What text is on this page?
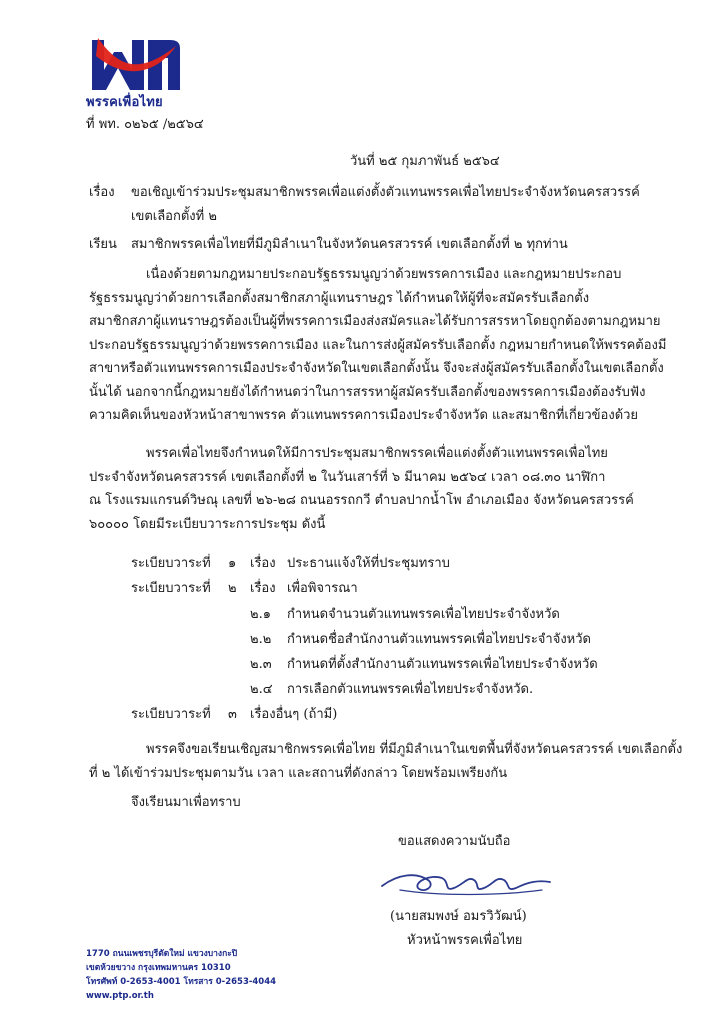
พรรคเพื่อไทย
ที่ พท. ๐๒๖๕ /๒๕๖๔
วันที่ ๒๕ กุมภาพันธ์ ๒๕๖๔
เรื่อง ขอเชิญเข้าร่วมประชุมสมาชิกพรรคเพื่อแต่งตั้งตัวแทนพรรคเพื่อไทยประจำจังหวัดนครสวรรค์
เขตเลือกตั้งที่ ๒
เรียน สมาชิกพรรคเพื่อไทยที่มีภูมิลำเนาในจังหวัดนครสวรรค์ เขตเลือกตั้งที่ ๒ ทุกท่าน
เนื่องด้วยตามกฎหมายประกอบรัฐธรรมนูญว่าด้วยพรรคการเมือง และกฎหมายประกอบ
รัฐธรรมนูญว่าด้วยการเลือกตั้งสมาชิกสภาผู้แทนราษฎร ได้กำหนดให้ผู้ที่จะสมัครรับเลือกตั้ง
สมาชิกสภาผู้แทนราษฎรต้องเป็นผู้ที่พรรคการเมืองส่งสมัครและได้รับการสรรหาโดยถูกต้องตามกฎหมาย
ประกอบรัฐธรรมนูญว่าด้วยพรรคการเมือง และในการส่งผู้สมัครรับเลือกตั้ง กฎหมายกำหนดให้พรรคต้องมี
สาขาหรือตัวแทนพรรคการเมืองประจำจังหวัดในเขตเลือกตั้งนั้น จึงจะส่งผู้สมัครรับเลือกตั้งในเขตเลือกตั้ง
นั้นได้ นอกจากนี้กฎหมายยังได้กำหนดว่าในการสรรหาผู้สมัครรับเลือกตั้งของพรรคการเมืองต้องรับฟัง
ความคิดเห็นของหัวหน้าสาขาพรรค ตัวแทนพรรคการเมืองประจำจังหวัด และสมาชิกที่เกี่ยวข้องด้วย
พรรคเพื่อไทยจึงกำหนดให้มีการประชุมสมาชิกพรรคเพื่อแต่งตั้งตัวแทนพรรคเพื่อไทย
ประจำจังหวัดนครสวรรค์ เขตเลือกตั้งที่ ๒ ในวันเสาร์ที่ ๖ มีนาคม ๒๕๖๔ เวลา ๐๘.๓๐ นาฬิกา
ณ โรงแรมแกรนด์วิษณุ เลขที่ ๒๖-๒๘ ถนนอรรถกวี ตำบลปากน้ำโพ อำเภอเมือง จังหวัดนครสวรรค์
๖๐๐๐๐ โดยมีระเบียบวาระการประชุม ดังนี้
ระเบียบวาระที่ ๑ เรื่อง ประธานแจ้งให้ที่ประชุมทราบ
ระเบียบวาระที่ ๒ เรื่อง เพื่อพิจารณา
๒.๑ กำหนดจำนวนตัวแทนพรรคเพื่อไทยประจำจังหวัด
๒.๒ กำหนดชื่อสำนักงานตัวแทนพรรคเพื่อไทยประจำจังหวัด
๒.๓ กำหนดที่ตั้งสำนักงานตัวแทนพรรคเพื่อไทยประจำจังหวัด
๒.๔ การเลือกตัวแทนพรรคเพื่อไทยประจำจังหวัด.
ระเบียบวาระที่ ๓ เรื่องอื่นๆ (ถ้ามี)
พรรคจึงขอเรียนเชิญสมาชิกพรรคเพื่อไทย ที่มีภูมิลำเนาในเขตพื้นที่จังหวัดนครสวรรค์ เขตเลือกตั้ง
ที่ ๒ ได้เข้าร่วมประชุมตามวัน เวลา และสถานที่ดังกล่าว โดยพร้อมเพรียงกัน
จึงเรียนมาเพื่อทราบ
ขอแสดงความนับถือ
(นายสมพงษ์ อมรวิวัฒน์)
หัวหน้าพรรคเพื่อไทย
1770 ถนนเพชรบุรีตัดใหม่ แขวงบางกะปิ
เขตห้วยขวาง กรุงเทพมหานคร 10310
โทรศัพท์ 0-2653-4001 โทรสาร 0-2653-4044
www.ptp.or.th
